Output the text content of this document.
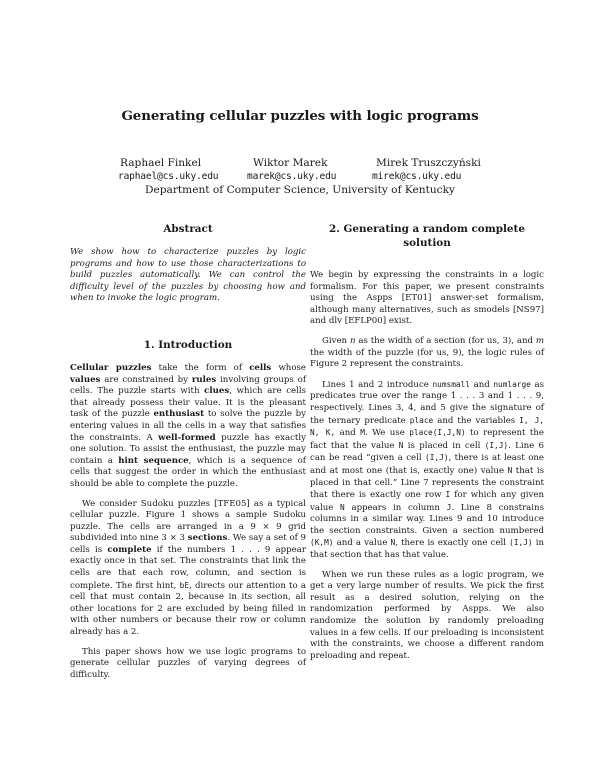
Generating cellular puzzles with logic programs
Raphael Finkel
raphael@cs.uky.edu
Wiktor Marek
marek@cs.uky.edu
Mirek Truszczyński
mirek@cs.uky.edu
Department of Computer Science, University of Kentucky
Abstract

We show how to characterize puzzles by logic programs and how to use those characterizations to build puzzles automatically. We can control the difficulty level of the puzzles by choosing how and when to invoke the logic program.

1. Introduction

Cellular puzzles take the form of cells whose values are constrained by rules involving groups of cells. The puzzle starts with clues, which are cells that already possess their value. It is the pleasant task of the puzzle enthusiast to solve the puzzle by entering values in all the cells in a way that satisfies the constraints. A well-formed puzzle has exactly one solution. To assist the enthusiast, the puzzle may contain a hint sequence, which is a sequence of cells that suggest the order in which the enthusiast should be able to complete the puzzle.

We consider Sudoku puzzles [TFE05] as a typical cellular puzzle. Figure 1 shows a sample Sudoku puzzle. The cells are arranged in a 9 × 9 grid subdivided into nine 3 × 3 sections. We say a set of 9 cells is complete if the numbers 1 . . . 9 appear exactly once in that set. The constraints that link the cells are that each row, column, and section is complete. The first hint, bE, directs our attention to a cell that must contain 2, because in its section, all other locations for 2 are excluded by being filled in with other numbers or because their row or column already has a 2.

This paper shows how we use logic programs to generate cellular puzzles of varying degrees of difficulty.

2. Generating a random complete solution

We begin by expressing the constraints in a logic formalism. For this paper, we present constraints using the Aspps [ET01] answer-set formalism, although many alternatives, such as smodels [NS97] and dlv [EFLP00] exist.

Given n as the width of a section (for us, 3), and m the width of the puzzle (for us, 9), the logic rules of Figure 2 represent the constraints.

Lines 1 and 2 introduce numsmall and numlarge as predicates true over the range 1 . . . 3 and 1 . . . 9, respectively. Lines 3, 4, and 5 give the signature of the ternary predicate place and the variables I, J, N, K, and M. We use place(I,J,N) to represent the fact that the value N is placed in cell (I,J). Line 6 can be read “given a cell (I,J), there is at least one and at most one (that is, exactly one) value N that is placed in that cell.” Line 7 represents the constraint that there is exactly one row I for which any given value N appears in column J. Line 8 constrains columns in a similar way. Lines 9 and 10 introduce the section constraints. Given a section numbered (K,M) and a value N, there is exactly one cell (I,J) in that section that has that value.

When we run these rules as a logic program, we get a very large number of results. We pick the first result as a desired solution, relying on the randomization performed by Aspps. We also randomize the solution by randomly preloading values in a few cells. If our preloading is inconsistent with the constraints, we choose a different random preloading and repeat.
